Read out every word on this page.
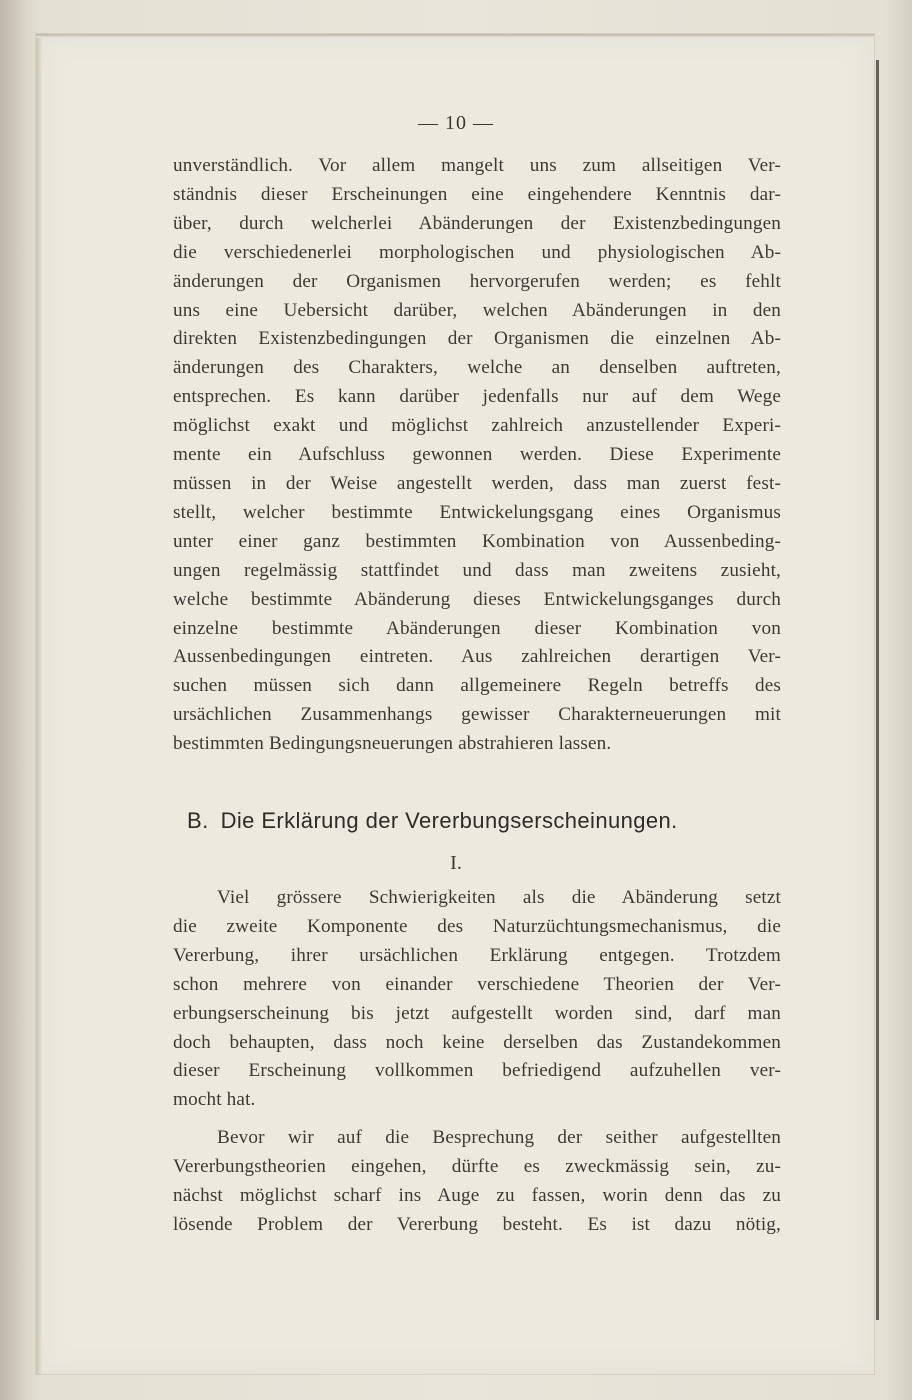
— 10 —
unverständlich. Vor allem mangelt uns zum allseitigen Ver-
ständnis dieser Erscheinungen eine eingehendere Kenntnis dar-
über, durch welcherlei Abänderungen der Existenzbedingungen
die verschiedenerlei morphologischen und physiologischen Ab-
änderungen der Organismen hervorgerufen werden; es fehlt
uns eine Uebersicht darüber, welchen Abänderungen in den
direkten Existenzbedingungen der Organismen die einzelnen Ab-
änderungen des Charakters, welche an denselben auftreten,
entsprechen. Es kann darüber jedenfalls nur auf dem Wege
möglichst exakt und möglichst zahlreich anzustellender Experi-
mente ein Aufschluss gewonnen werden. Diese Experimente
müssen in der Weise angestellt werden, dass man zuerst fest-
stellt, welcher bestimmte Entwickelungsgang eines Organismus
unter einer ganz bestimmten Kombination von Aussenbeding-
ungen regelmässig stattfindet und dass man zweitens zusieht,
welche bestimmte Abänderung dieses Entwickelungsganges durch
einzelne bestimmte Abänderungen dieser Kombination von
Aussenbedingungen eintreten. Aus zahlreichen derartigen Ver-
suchen müssen sich dann allgemeinere Regeln betreffs des
ursächlichen Zusammenhangs gewisser Charakterneuerungen mit
bestimmten Bedingungsneuerungen abstrahieren lassen.
B. Die Erklärung der Vererbungserscheinungen.
I.
Viel grössere Schwierigkeiten als die Abänderung setzt
die zweite Komponente des Naturzüchtungsmechanismus, die
Vererbung, ihrer ursächlichen Erklärung entgegen. Trotzdem
schon mehrere von einander verschiedene Theorien der Ver-
erbungserscheinung bis jetzt aufgestellt worden sind, darf man
doch behaupten, dass noch keine derselben das Zustandekommen
dieser Erscheinung vollkommen befriedigend aufzuhellen ver-
mocht hat.
Bevor wir auf die Besprechung der seither aufgestellten
Vererbungstheorien eingehen, dürfte es zweckmässig sein, zu-
nächst möglichst scharf ins Auge zu fassen, worin denn das zu
lösende Problem der Vererbung besteht. Es ist dazu nötig,
